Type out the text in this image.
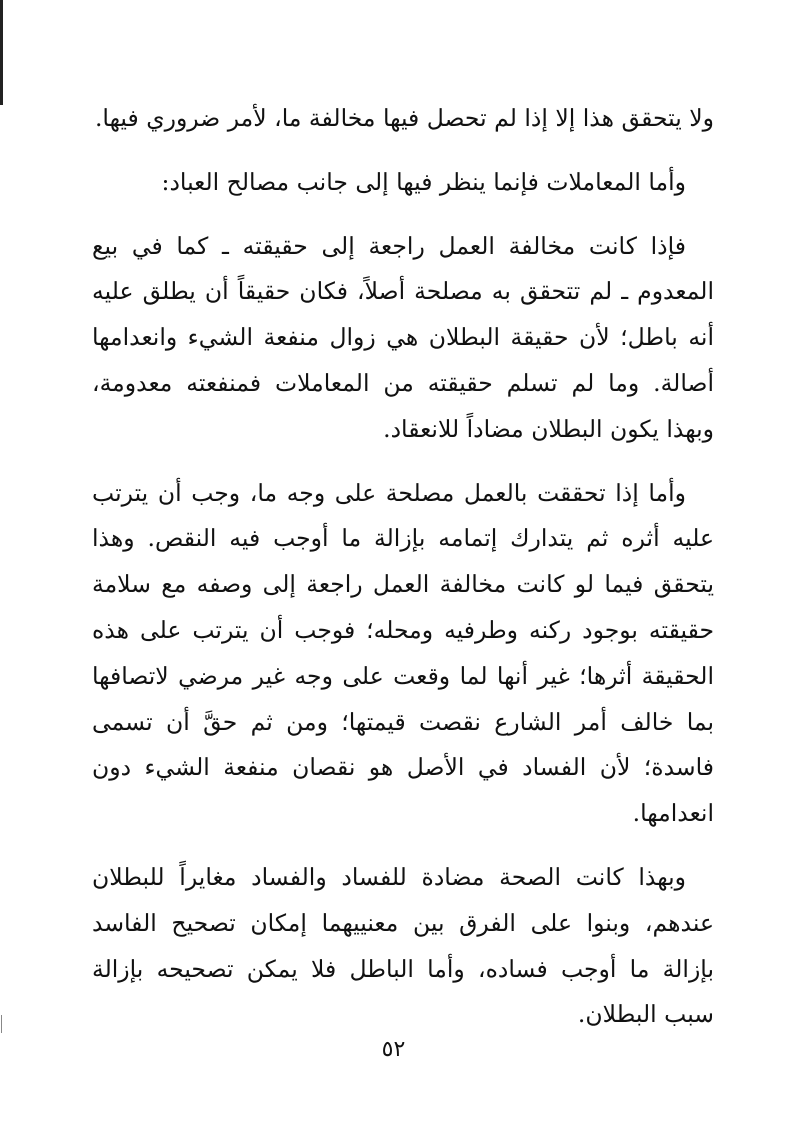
ولا يتحقق هذا إلا إذا لم تحصل فيها مخالفة ما، لأمر ضروري فيها.

وأما المعاملات فإنما ينظر فيها إلى جانب مصالح العباد:

فإذا كانت مخالفة العمل راجعة إلى حقيقته ـ كما في بيع المعدوم ـ لم تتحقق به مصلحة أصلاً، فكان حقيقاً أن يطلق عليه أنه باطل؛ لأن حقيقة البطلان هي زوال منفعة الشيء وانعدامها أصالة. وما لم تسلم حقيقته من المعاملات فمنفعته معدومة، وبهذا يكون البطلان مضاداً للانعقاد.

وأما إذا تحققت بالعمل مصلحة على وجه ما، وجب أن يترتب عليه أثره ثم يتدارك إتمامه بإزالة ما أوجب فيه النقص. وهذا يتحقق فيما لو كانت مخالفة العمل راجعة إلى وصفه مع سلامة حقيقته بوجود ركنه وطرفيه ومحله؛ فوجب أن يترتب على هذه الحقيقة أثرها؛ غير أنها لما وقعت على وجه غير مرضي لاتصافها بما خالف أمر الشارع نقصت قيمتها؛ ومن ثم حقَّ أن تسمى فاسدة؛ لأن الفساد في الأصل هو نقصان منفعة الشيء دون انعدامها.

وبهذا كانت الصحة مضادة للفساد والفساد مغايراً للبطلان عندهم، وبنوا على الفرق بين معنييهما إمكان تصحيح الفاسد بإزالة ما أوجب فساده، وأما الباطل فلا يمكن تصحيحه بإزالة سبب البطلان.

٥٢
